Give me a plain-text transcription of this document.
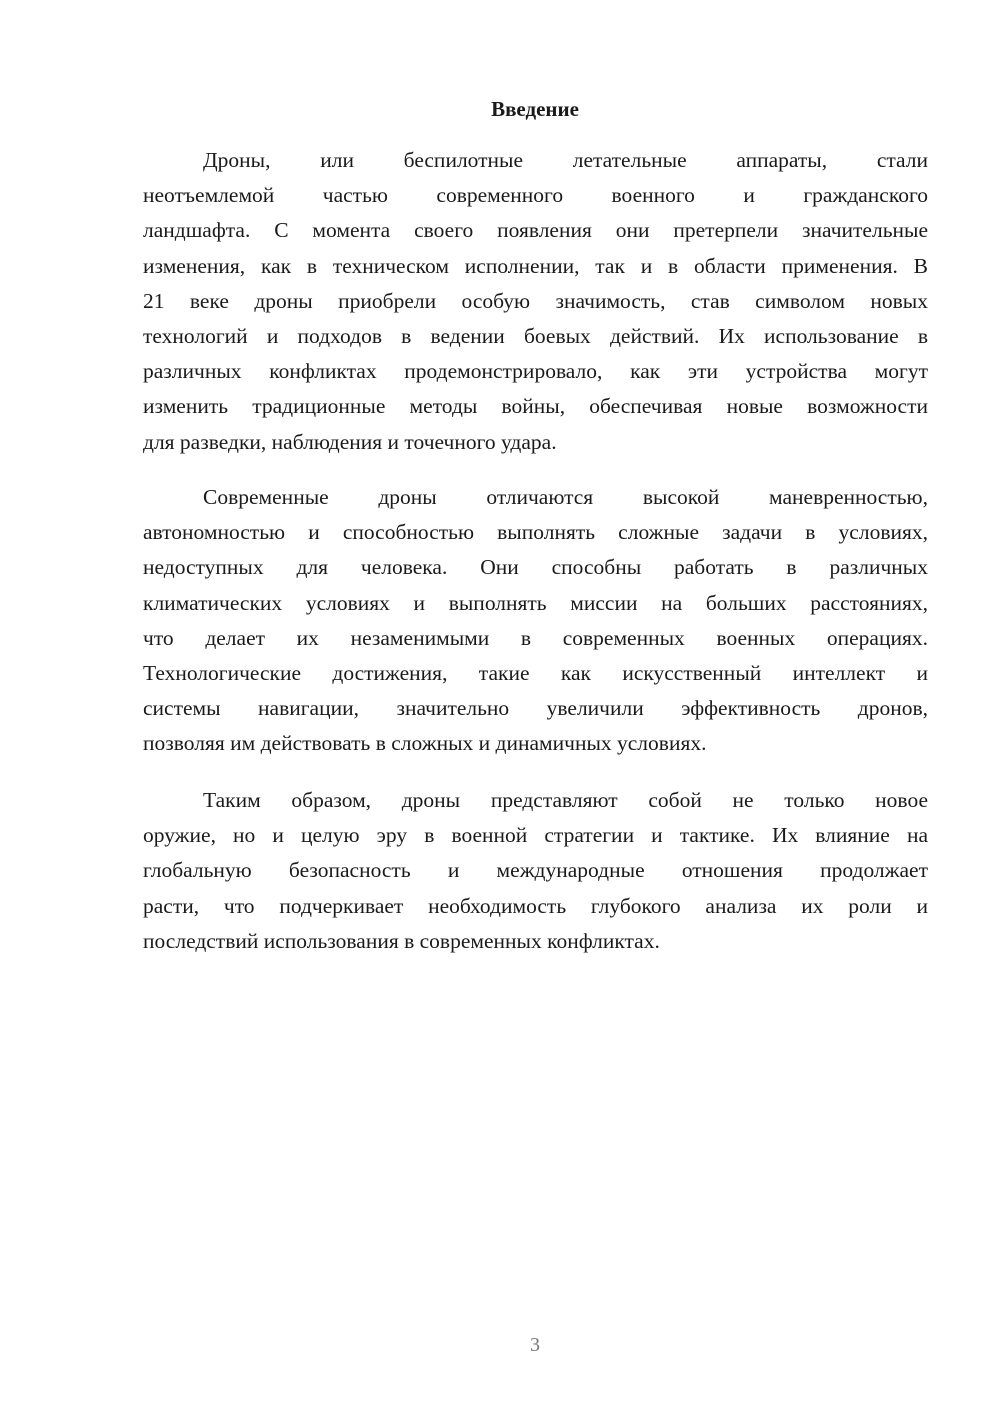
Введение
Дроны, или беспилотные летательные аппараты, стали
неотъемлемой частью современного военного и гражданского
ландшафта. С момента своего появления они претерпели значительные
изменения, как в техническом исполнении, так и в области применения. В
21 веке дроны приобрели особую значимость, став символом новых
технологий и подходов в ведении боевых действий. Их использование в
различных конфликтах продемонстрировало, как эти устройства могут
изменить традиционные методы войны, обеспечивая новые возможности
для разведки, наблюдения и точечного удара.
Современные дроны отличаются высокой маневренностью,
автономностью и способностью выполнять сложные задачи в условиях,
недоступных для человека. Они способны работать в различных
климатических условиях и выполнять миссии на больших расстояниях,
что делает их незаменимыми в современных военных операциях.
Технологические достижения, такие как искусственный интеллект и
системы навигации, значительно увеличили эффективность дронов,
позволяя им действовать в сложных и динамичных условиях.
Таким образом, дроны представляют собой не только новое
оружие, но и целую эру в военной стратегии и тактике. Их влияние на
глобальную безопасность и международные отношения продолжает
расти, что подчеркивает необходимость глубокого анализа их роли и
последствий использования в современных конфликтах.
3
